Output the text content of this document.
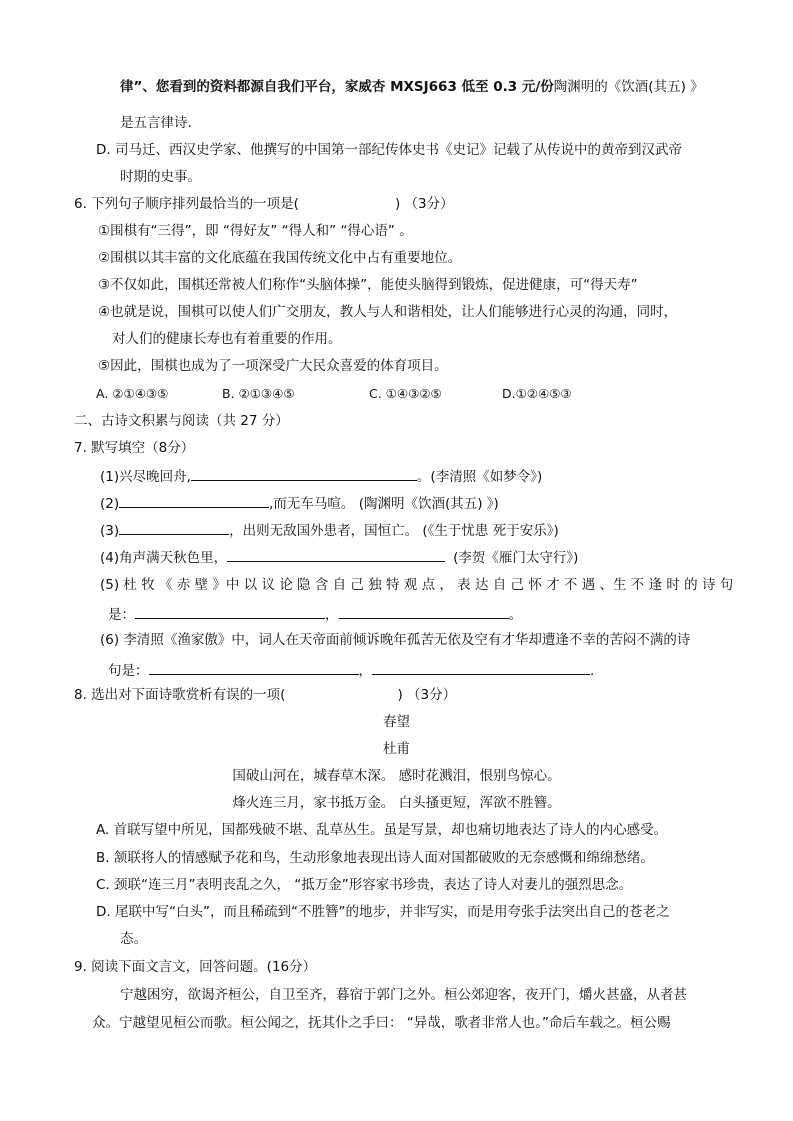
律”、您看到的资料都源自我们平台，家威杏 MXSJ663 低至 0.3 元/份陶渊明的《饮酒(其五) 》
是五言律诗.
D. 司马迁、西汉史学家、他撰写的中国第一部纪传体史书《史记》记载了从传说中的黄帝到汉武帝
时期的史事。
6. 下列句子顺序排列最恰当的一项是(	) （3分）
①围棋有“三得”，即 “得好友” “得人和” “得心语” 。
②围棋以其丰富的文化底蕴在我国传统文化中占有重要地位。
③不仅如此，围棋还常被人们称作“头脑体操”，能使头脑得到锻炼，促进健康，可“得天寿”
④也就是说，围棋可以使人们广交朋友，教人与人和谐相处，让人们能够进行心灵的沟通，同时，
对人们的健康长寿也有着重要的作用。
⑤因此，围棋也成为了一项深受广大民众喜爱的体育项目。
A. ②①④③⑤	B. ②①③④⑤	C. ①④③②⑤	D.①②④⑤③
二、古诗文积累与阅读（共 27 分）
7. 默写填空（8分）
(1)兴尽晚回舟,	。(李清照《如梦令》)
(2)	,而无车马喧。 (陶渊明《饮酒(其五) 》)
(3)	，出则无敌国外患者，国恒亡。 (《生于忧患 死于安乐》)
(4)角声满天秋色里，	(李贺《雁门太守行》)
(5) 杜 牧 《 赤 壁 》中 以 议 论 隐 含 自 己 独 特 观 点 ， 表 达 自 己 怀 才 不 遇 、生 不 逢 时 的 诗 句
是：	，	。
(6) 李清照《渔家傲》中，词人在天帝面前倾诉晚年孤苦无依及空有才华却遭逢不幸的苦闷不满的诗
句是：	，	.
8. 选出对下面诗歌赏析有误的一项(	) （3分）
春望
杜甫
国破山河在，城春草木深。 感时花溅泪，恨别鸟惊心。
烽火连三月，家书抵万金。 白头搔更短，浑欲不胜簪。
A. 首联写望中所见，国都残破不堪、乱草丛生。虽是写景，却也痛切地表达了诗人的内心感受。
B. 颔联将人的情感赋予花和鸟，生动形象地表现出诗人面对国都破败的无奈感慨和绵绵愁绪。
C. 颈联“连三月”表明丧乱之久， “抵万金”形容家书珍贵，表达了诗人对妻儿的强烈思念。
D. 尾联中写“白头”，而且稀疏到“不胜簪”的地步，并非写实，而是用夸张手法突出自己的苍老之
态。
9. 阅读下面文言文，回答问题。(16分）
宁越困穷，欲谒齐桓公，自卫至齐，暮宿于郭门之外。桓公郊迎客，夜开门，爝火甚盛，从者甚
众。宁越望见桓公而歌。桓公闻之，抚其仆之手曰： “异哉，歌者非常人也。”命后车载之。桓公赐
